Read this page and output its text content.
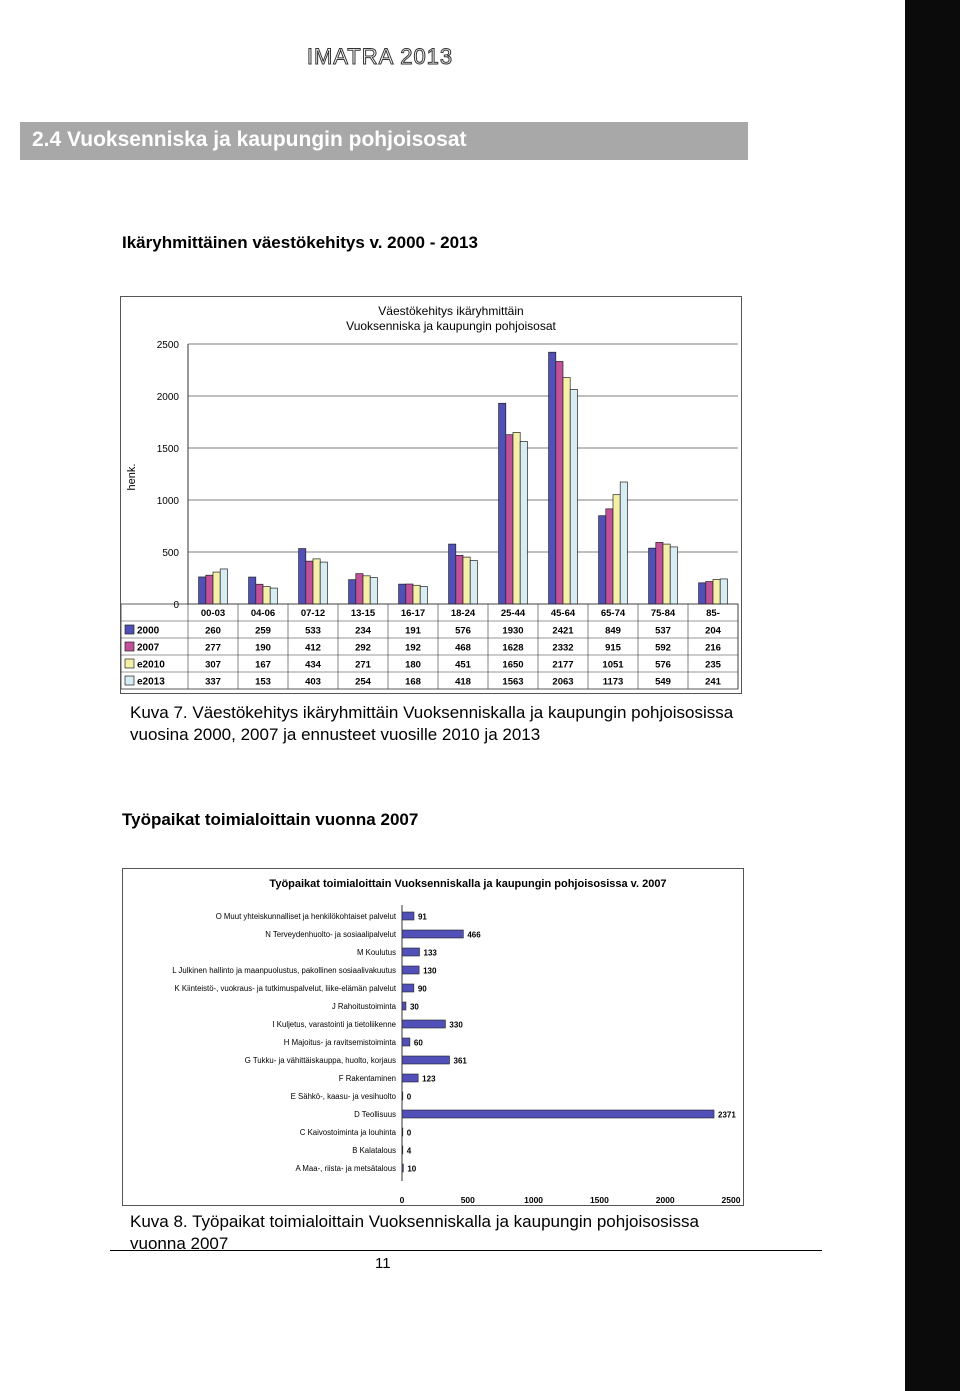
IMATRA 2013
2.4 Vuoksenniska ja kaupungin pohjoisosat
Ikäryhmittäinen väestökehitys v. 2000 - 2013
Väestökehitys ikäryhmittäin
Vuoksenniska ja kaupungin pohjoisosat
henk.
0
500
1000
1500
2000
2500
00-03	04-06	07-12	13-15	16-17	18-24	25-44	45-64	65-74	75-84	85-
2000	260	259	533	234	191	576	1930	2421	849	537	204
2007	277	190	412	292	192	468	1628	2332	915	592	216
e2010	307	167	434	271	180	451	1650	2177	1051	576	235
e2013	337	153	403	254	168	418	1563	2063	1173	549	241
Kuva 7. Väestökehitys ikäryhmittäin Vuoksenniskalla ja kaupungin pohjoisosissa vuosina 2000, 2007 ja ennusteet vuosille 2010 ja 2013
Työpaikat toimialoittain vuonna 2007
Työpaikat toimialoittain Vuoksenniskalla ja kaupungin pohjoisosissa v. 2007
O Muut yhteiskunnalliset ja henkilökohtaiset palvelut	91
N Terveydenhuolto- ja sosiaalipalvelut	466
M Koulutus	133
L Julkinen hallinto ja maanpuolustus, pakollinen sosiaalivakuutus	130
K Kiinteistö-, vuokraus- ja tutkimuspalvelut, liike-elämän palvelut	90
J Rahoitustoiminta 30
I Kuljetus, varastointi ja tietoliikenne	330
H Majoitus- ja ravitsemistoiminta 60
G Tukku- ja vähittäiskauppa, huolto, korjaus	361
F Rakentaminen	123
E Sähkö-, kaasu- ja vesihuolto 0
D Teollisuus	2371
C Kaivostoiminta ja louhinta 0
B Kalatalous 4
A Maa-, riista- ja metsätalous 10
0	500	1000	1500	2000	2500
Kuva 8. Työpaikat toimialoittain Vuoksenniskalla ja kaupungin pohjoisosissa vuonna 2007
11
